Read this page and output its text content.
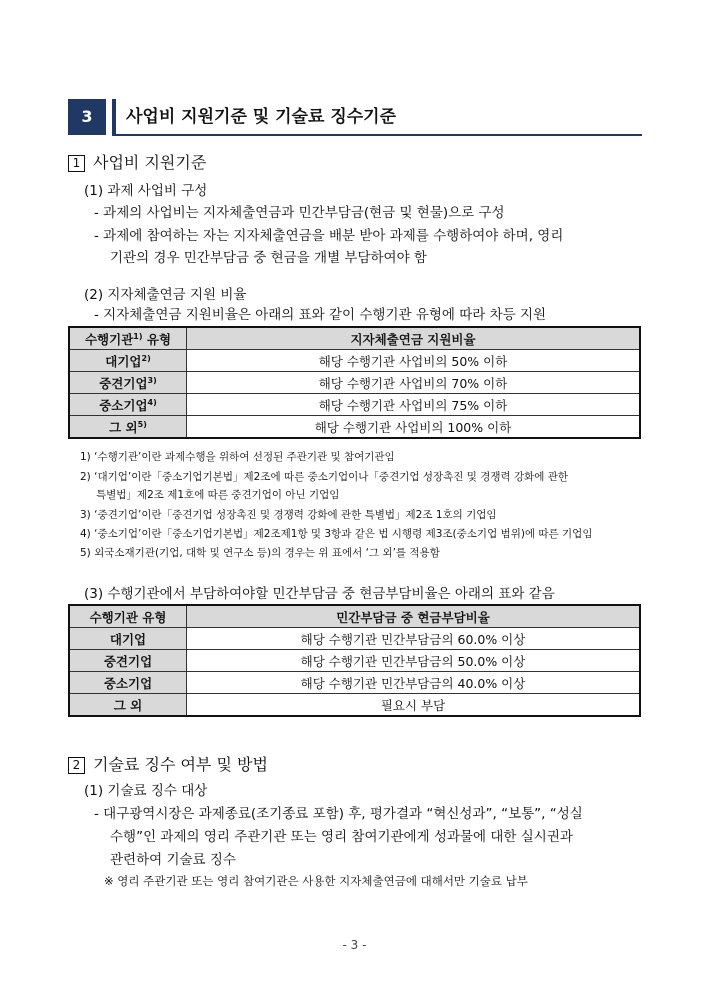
3	사업비 지원기준 및 기술료 징수기준
1 사업비 지원기준
(1) 과제 사업비 구성
- 과제의 사업비는 지자체출연금과 민간부담금(현금 및 현물)으로 구성
- 과제에 참여하는 자는 지자체출연금을 배분 받아 과제를 수행하여야 하며, 영리
기관의 경우 민간부담금 중 현금을 개별 부담하여야 함
(2) 지자체출연금 지원 비율
- 지자체출연금 지원비율은 아래의 표와 같이 수행기관 유형에 따라 차등 지원
수행기관$^{1)}$ 유형	지자체출연금 지원비율
대기업$^{2)}$	해당 수행기관 사업비의 50% 이하
중견기업$^{3)}$	해당 수행기관 사업비의 70% 이하
중소기업$^{4)}$	해당 수행기관 사업비의 75% 이하
그 외$^{5)}$	해당 수행기관 사업비의 100% 이하
1) ‘수행기관’이란 과제수행을 위하여 선정된 주관기관 및 참여기관임
2) ‘대기업’이란「중소기업기본법」제2조에 따른 중소기업이나「중견기업 성장촉진 및 경쟁력 강화에 관한
특별법」제2조 제1호에 따른 중견기업이 아닌 기업임
3) ‘중견기업’이란「중견기업 성장촉진 및 경쟁력 강화에 관한 특별법」제2조 1호의 기업임
4) ‘중소기업’이란「중소기업기본법」제2조제1항 및 3항과 같은 법 시행령 제3조(중소기업 범위)에 따른 기업임
5) 외국소재기관(기업, 대학 및 연구소 등)의 경우는 위 표에서 ‘그 외’를 적용함
(3) 수행기관에서 부담하여야할 민간부담금 중 현금부담비율은 아래의 표와 같음
수행기관 유형	민간부담금 중 현금부담비율
대기업	해당 수행기관 민간부담금의 60.0% 이상
중견기업	해당 수행기관 민간부담금의 50.0% 이상
중소기업	해당 수행기관 민간부담금의 40.0% 이상
그 외	필요시 부담
2 기술료 징수 여부 및 방법
(1) 기술료 징수 대상
- 대구광역시장은 과제종료(조기종료 포함) 후, 평가결과 “혁신성과”, “보통”, “성실
수행”인 과제의 영리 주관기관 또는 영리 참여기관에게 성과물에 대한 실시권과
관련하여 기술료 징수
※ 영리 주관기관 또는 영리 참여기관은 사용한 지자체출연금에 대해서만 기술료 납부
- 3 -
